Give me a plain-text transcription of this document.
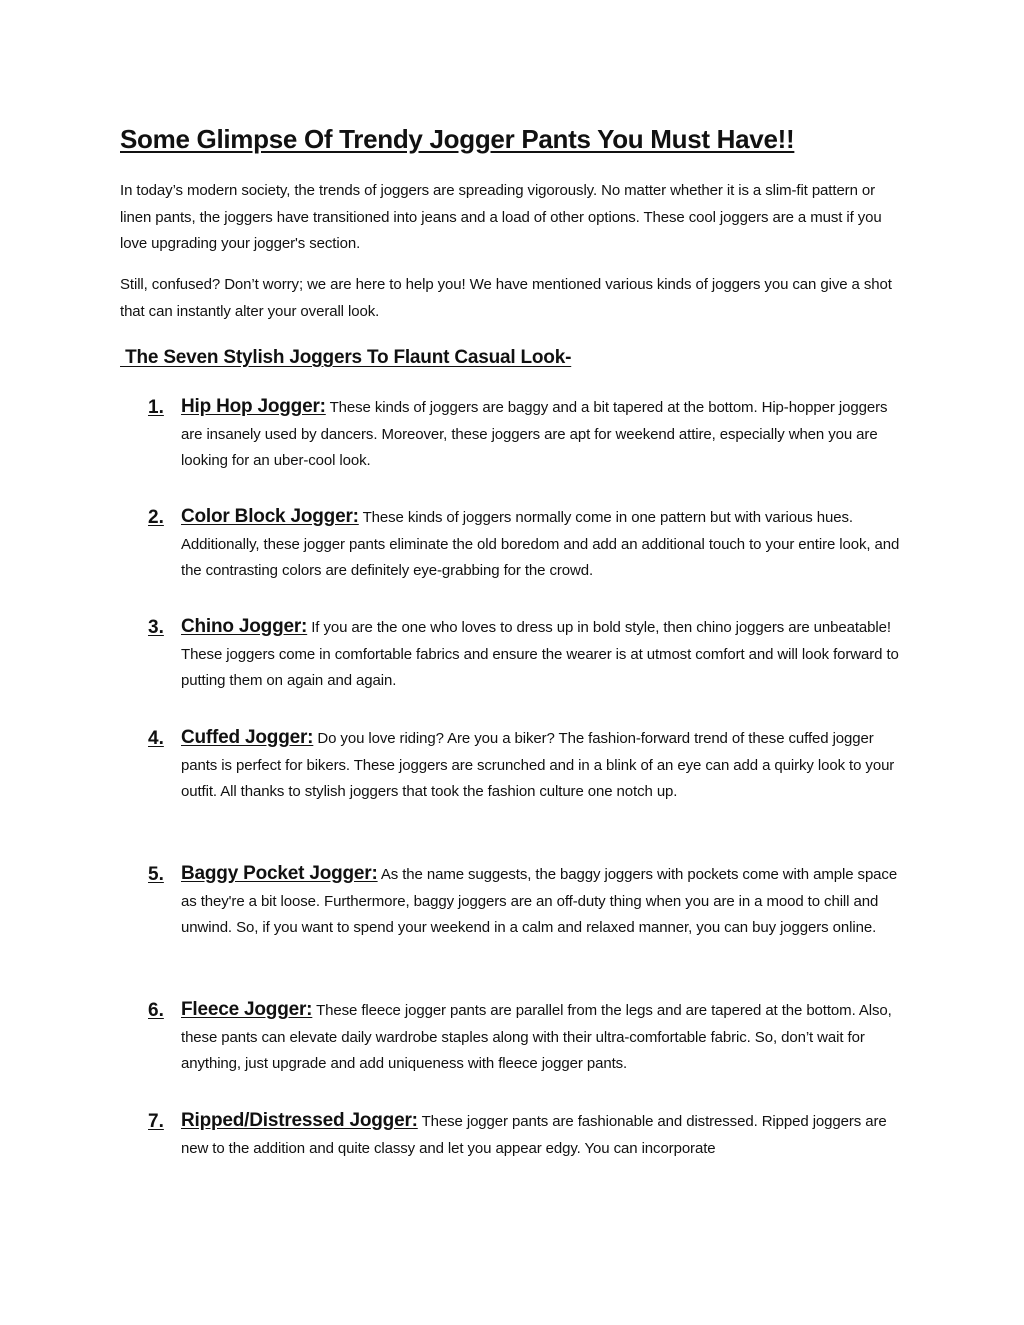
Some Glimpse Of Trendy Jogger Pants You Must Have!!

In today’s modern society, the trends of joggers are spreading vigorously. No matter whether it is a slim-fit pattern or linen pants, the joggers have transitioned into jeans and a load of other options. These cool joggers are a must if you love upgrading your jogger's section.

Still, confused? Don’t worry; we are here to help you! We have mentioned various kinds of joggers you can give a shot that can instantly alter your overall look.

The Seven Stylish Joggers To Flaunt Casual Look-
1. Hip Hop Jogger: These kinds of joggers are baggy and a bit tapered at the bottom. Hip-hopper joggers are insanely used by dancers. Moreover, these joggers are apt for weekend attire, especially when you are looking for an uber-cool look.
2. Color Block Jogger: These kinds of joggers normally come in one pattern but with various hues. Additionally, these jogger pants eliminate the old boredom and add an additional touch to your entire look, and the contrasting colors are definitely eye-grabbing for the crowd.
3. Chino Jogger: If you are the one who loves to dress up in bold style, then chino joggers are unbeatable! These joggers come in comfortable fabrics and ensure the wearer is at utmost comfort and will look forward to putting them on again and again.
4. Cuffed Jogger: Do you love riding? Are you a biker? The fashion-forward trend of these cuffed jogger pants is perfect for bikers. These joggers are scrunched and in a blink of an eye can add a quirky look to your outfit. All thanks to stylish joggers that took the fashion culture one notch up.
5. Baggy Pocket Jogger: As the name suggests, the baggy joggers with pockets come with ample space as they're a bit loose. Furthermore, baggy joggers are an off-duty thing when you are in a mood to chill and unwind. So, if you want to spend your weekend in a calm and relaxed manner, you can buy joggers online.
6. Fleece Jogger: These fleece jogger pants are parallel from the legs and are tapered at the bottom. Also, these pants can elevate daily wardrobe staples along with their ultra-comfortable fabric. So, don’t wait for anything, just upgrade and add uniqueness with fleece jogger pants.
7. Ripped/Distressed Jogger: These jogger pants are fashionable and distressed. Ripped joggers are new to the addition and quite classy and let you appear edgy. You can incorporate
